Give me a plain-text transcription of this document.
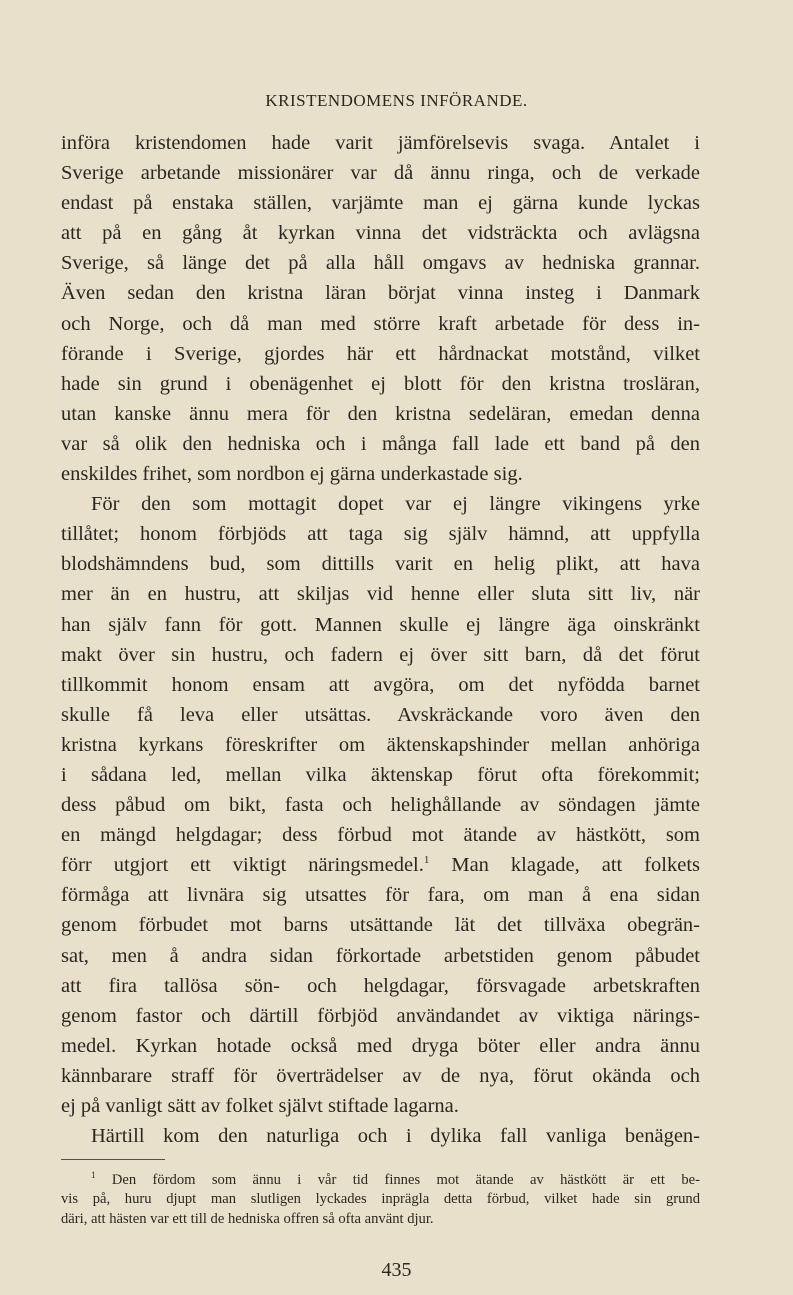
KRISTENDOMENS INFÖRANDE.
införa kristendomen hade varit jämförelsevis svaga. Antalet i
Sverige arbetande missionärer var då ännu ringa, och de verkade
endast på enstaka ställen, varjämte man ej gärna kunde lyckas
att på en gång åt kyrkan vinna det vidsträckta och avlägsna
Sverige, så länge det på alla håll omgavs av hedniska grannar.
Även sedan den kristna läran börjat vinna insteg i Danmark
och Norge, och då man med större kraft arbetade för dess in-
förande i Sverige, gjordes här ett hårdnackat motstånd, vilket
hade sin grund i obenägenhet ej blott för den kristna trosläran,
utan kanske ännu mera för den kristna sedeläran, emedan denna
var så olik den hedniska och i många fall lade ett band på den
enskildes frihet, som nordbon ej gärna underkastade sig.
För den som mottagit dopet var ej längre vikingens yrke
tillåtet; honom förbjöds att taga sig själv hämnd, att uppfylla
blodshämndens bud, som dittills varit en helig plikt, att hava
mer än en hustru, att skiljas vid henne eller sluta sitt liv, när
han själv fann för gott. Mannen skulle ej längre äga oinskränkt
makt över sin hustru, och fadern ej över sitt barn, då det förut
tillkommit honom ensam att avgöra, om det nyfödda barnet
skulle få leva eller utsättas. Avskräckande voro även den
kristna kyrkans föreskrifter om äktenskapshinder mellan anhöriga
i sådana led, mellan vilka äktenskap förut ofta förekommit;
dess påbud om bikt, fasta och helighållande av söndagen jämte
en mängd helgdagar; dess förbud mot ätande av hästkött, som
förr utgjort ett viktigt näringsmedel.$^1$ Man klagade, att folkets
förmåga att livnära sig utsattes för fara, om man å ena sidan
genom förbudet mot barns utsättande lät det tillväxa obegrän-
sat, men å andra sidan förkortade arbetstiden genom påbudet
att fira tallösa sön- och helgdagar, försvagade arbetskraften
genom fastor och därtill förbjöd användandet av viktiga närings-
medel. Kyrkan hotade också med dryga böter eller andra ännu
kännbarare straff för överträdelser av de nya, förut okända och
ej på vanligt sätt av folket självt stiftade lagarna.
Härtill kom den naturliga och i dylika fall vanliga benägen-
$^1$ Den fördom som ännu i vår tid finnes mot ätande av hästkött är ett be-
vis på, huru djupt man slutligen lyckades inprägla detta förbud, vilket hade sin grund
däri, att hästen var ett till de hedniska offren så ofta använt djur.
435
